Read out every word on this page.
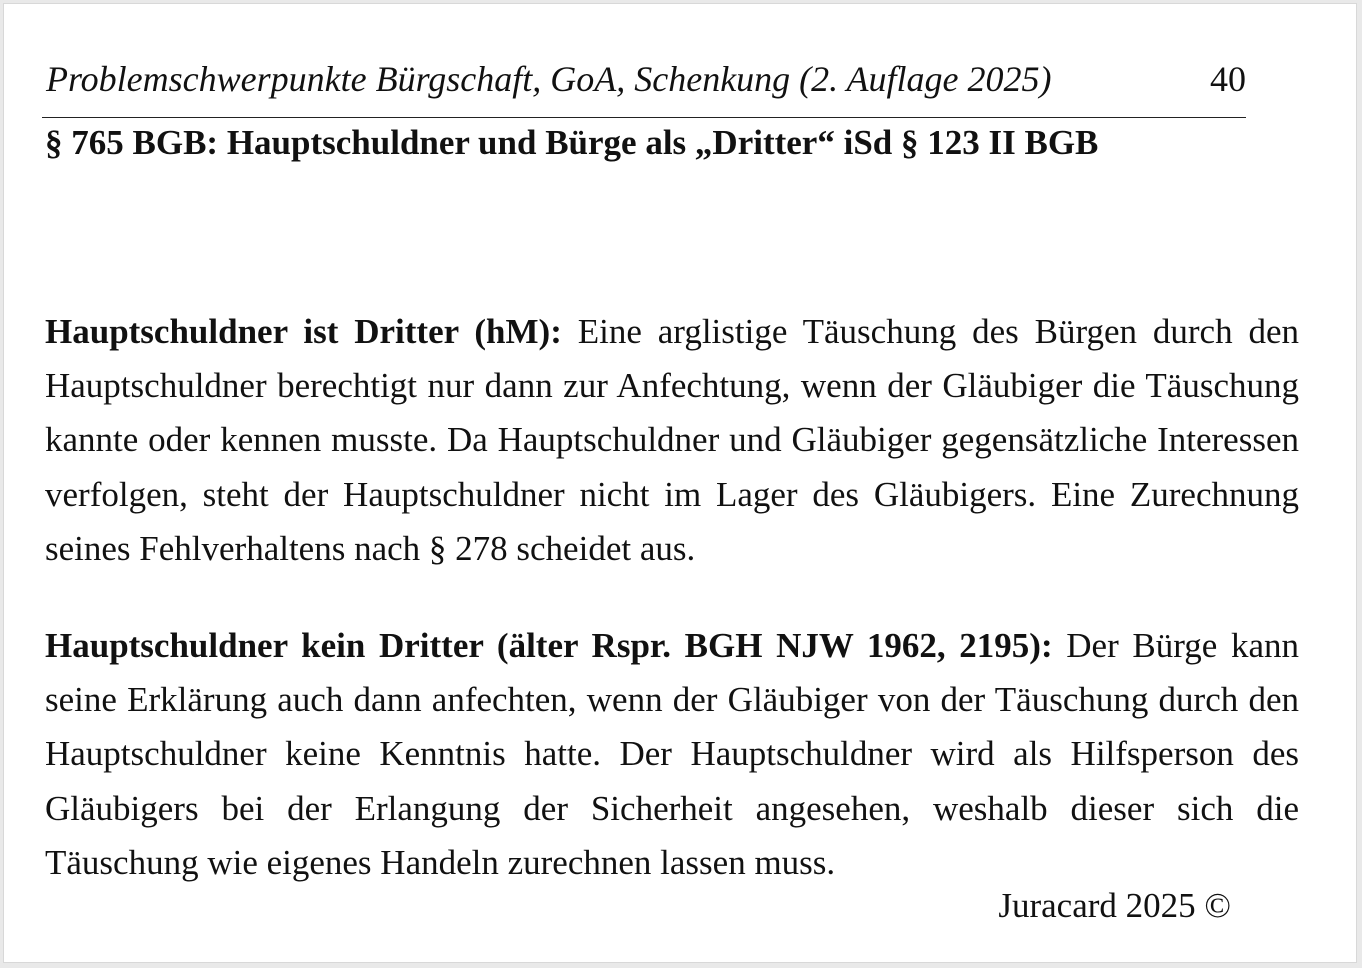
Problemschwerpunkte Bürgschaft, GoA, Schenkung (2. Auflage 2025)	40
§ 765 BGB: Hauptschuldner und Bürge als „Dritter“ iSd § 123 II BGB

Hauptschuldner ist Dritter (hM): Eine arglistige Täuschung des Bürgen durch den Hauptschuldner berechtigt nur dann zur Anfechtung, wenn der Gläubiger die Täuschung kannte oder kennen musste. Da Hauptschuldner und Gläubiger gegensätzliche Interessen verfolgen, steht der Hauptschuldner nicht im Lager des Gläubigers. Eine Zurechnung seines Fehlverhaltens nach § 278 scheidet aus.

Hauptschuldner kein Dritter (älter Rspr. BGH NJW 1962, 2195): Der Bürge kann seine Erklärung auch dann anfechten, wenn der Gläubiger von der Täuschung durch den Hauptschuldner keine Kenntnis hatte. Der Hauptschuldner wird als Hilfsperson des Gläubigers bei der Erlangung der Sicherheit angesehen, weshalb dieser sich die Täuschung wie eigenes Handeln zurechnen lassen muss.

Juracard 2025 ©
